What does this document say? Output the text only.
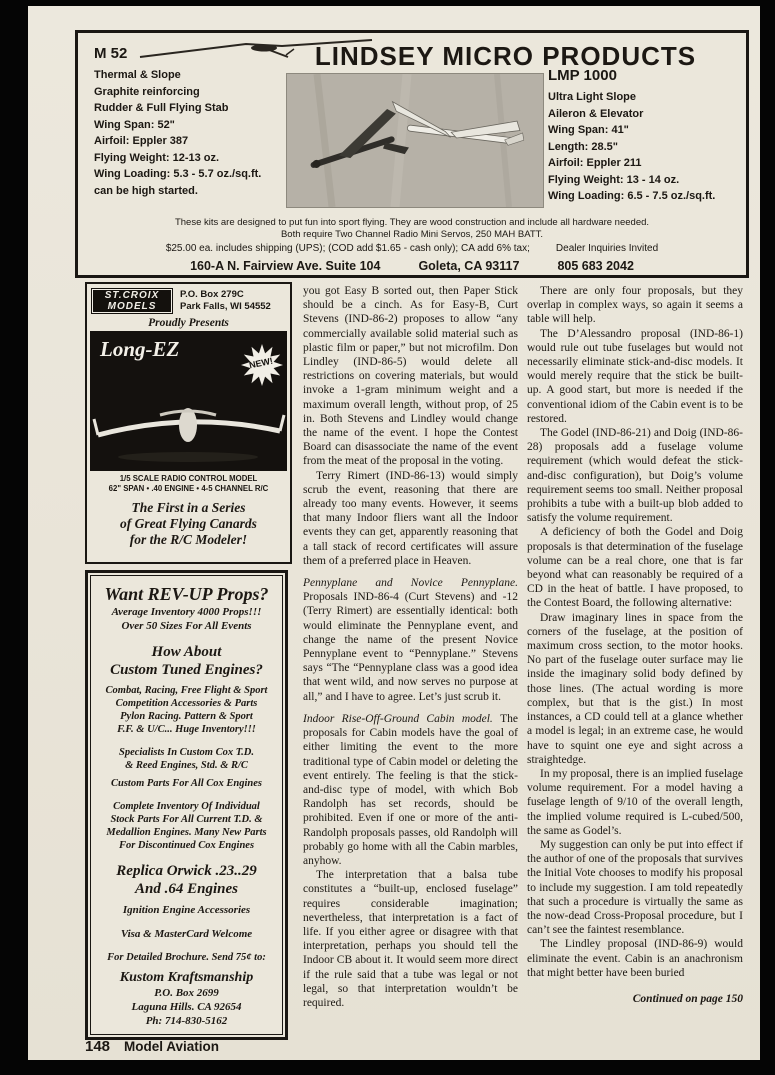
LINDSEY MICRO PRODUCTS
M 52
Thermal & Slope
Graphite reinforcing
Rudder & Full Flying Stab
Wing Span: 52"
Airfoil: Eppler 387
Flying Weight: 12-13 oz.
Wing Loading: 5.3 - 5.7 oz./sq.ft.
can be high started.
LMP 1000
Ultra Light Slope
Aileron & Elevator
Wing Span: 41"
Length: 28.5"
Airfoil: Eppler 211
Flying Weight: 13 - 14 oz.
Wing Loading: 6.5 - 7.5 oz./sq.ft.
These kits are designed to put fun into sport flying. They are wood construction and include all hardware needed.
Both require Two Channel Radio Mini Servos, 250 MAH BATT.
$25.00 ea. includes shipping (UPS); (COD add $1.65 - cash only); CA add 6% tax;	Dealer Inquiries Invited
160-A N. Fairview Ave. Suite 104	Goleta, CA 93117	805 683 2042
ST.CROIX
MODELS
P.O. Box 279C
Park Falls, WI 54552
Proudly Presents
Long-EZ
NEW!
1/5 SCALE RADIO CONTROL MODEL
62" SPAN • .40 ENGINE • 4-5 CHANNEL R/C
The First in a Series
of Great Flying Canards
for the R/C Modeler!
Want REV-UP Props?
Average Inventory 4000 Props!!!
Over 50 Sizes For All Events
How About
Custom Tuned Engines?
Combat, Racing, Free Flight & Sport
Competition Accessories & Parts
Pylon Racing. Pattern & Sport
F.F. & U/C... Huge Inventory!!!
Specialists In Custom Cox T.D.
& Reed Engines, Std. & R/C
Custom Parts For All Cox Engines
Complete Inventory Of Individual
Stock Parts For All Current T.D. &
Medallion Engines. Many New Parts
For Discontinued Cox Engines
Replica Orwick .23..29
And .64 Engines
Ignition Engine Accessories
Visa & MasterCard Welcome
For Detailed Brochure. Send 75¢ to:
Kustom Kraftsmanship
P.O. Box 2699
Laguna Hills. CA 92654
Ph: 714-830-5162

you got Easy B sorted out, then Paper Stick should be a cinch. As for Easy-B, Curt Stevens (IND-86-2) proposes to allow “any commercially available solid material such as plastic film or paper,” but not microfilm. Don Lindley (IND-86-5) would delete all restrictions on covering materials, but would invoke a 1-gram minimum weight and a maximum overall length, without prop, of 25 in. Both Stevens and Lindley would change the name of the event. I hope the Contest Board can disassociate the name of the event from the meat of the proposal in the voting.

Terry Rimert (IND-86-13) would simply scrub the event, reasoning that there are already too many events. However, it seems that many Indoor fliers want all the Indoor events they can get, apparently reasoning that a tall stack of record certificates will assure them of a preferred place in Heaven.

Pennyplane and Novice Pennyplane. Proposals IND-86-4 (Curt Stevens) and -12 (Terry Rimert) are essentially identical: both would eliminate the Pennyplane event, and change the name of the present Novice Pennyplane event to “Pennyplane.” Stevens says “The “Pennyplane class was a good idea that went wild, and now serves no purpose at all,” and I have to agree. Let’s just scrub it.

Indoor Rise-Off-Ground Cabin model. The proposals for Cabin models have the goal of either limiting the event to the more traditional type of Cabin model or deleting the event entirely. The feeling is that the stick-and-disc type of model, with which Bob Randolph has set records, should be prohibited. Even if one or more of the anti-Randolph proposals passes, old Randolph will probably go home with all the Cabin marbles, anyhow.

The interpretation that a balsa tube constitutes a “built-up, enclosed fuselage” requires considerable imagination; nevertheless, that interpretation is a fact of life. If you either agree or disagree with that interpretation, perhaps you should tell the Indoor CB about it. It would seem more direct if the rule said that a tube was legal or not legal, so that interpretation wouldn’t be required.

There are only four proposals, but they overlap in complex ways, so again it seems a table will help.

The D’Alessandro proposal (IND-86-1) would rule out tube fuselages but would not necessarily eliminate stick-and-disc models. It would merely require that the stick be built-up. A good start, but more is needed if the conventional idiom of the Cabin event is to be restored.

The Godel (IND-86-21) and Doig (IND-86-28) proposals add a fuselage volume requirement (which would defeat the stick-and-disc configuration), but Doig’s volume requirement seems too small. Neither proposal prohibits a tube with a built-up blob added to satisfy the volume requirement.

A deficiency of both the Godel and Doig proposals is that determination of the fuselage volume can be a real chore, one that is far beyond what can reasonably be required of a CD in the heat of battle. I have proposed, to the Contest Board, the following alternative:

Draw imaginary lines in space from the corners of the fuselage, at the position of maximum cross section, to the motor hooks. No part of the fuselage outer surface may lie inside the imaginary solid body defined by those lines. (The actual wording is more complex, but that is the gist.) In most instances, a CD could tell at a glance whether a model is legal; in an extreme case, he would have to squint one eye and sight across a straightedge.

In my proposal, there is an implied fuselage volume requirement. For a model having a fuselage length of 9/10 of the overall length, the implied volume required is L-cubed/500, the same as Godel’s.

My suggestion can only be put into effect if the author of one of the proposals that survives the Initial Vote chooses to modify his proposal to include my suggestion. I am told repeatedly that such a procedure is virtually the same as the now-dead Cross-Proposal procedure, but I can’t see the faintest resemblance.

The Lindley proposal (IND-86-9) would eliminate the event. Cabin is an anachronism that might better have been buried

Continued on page 150
148 Model Aviation
